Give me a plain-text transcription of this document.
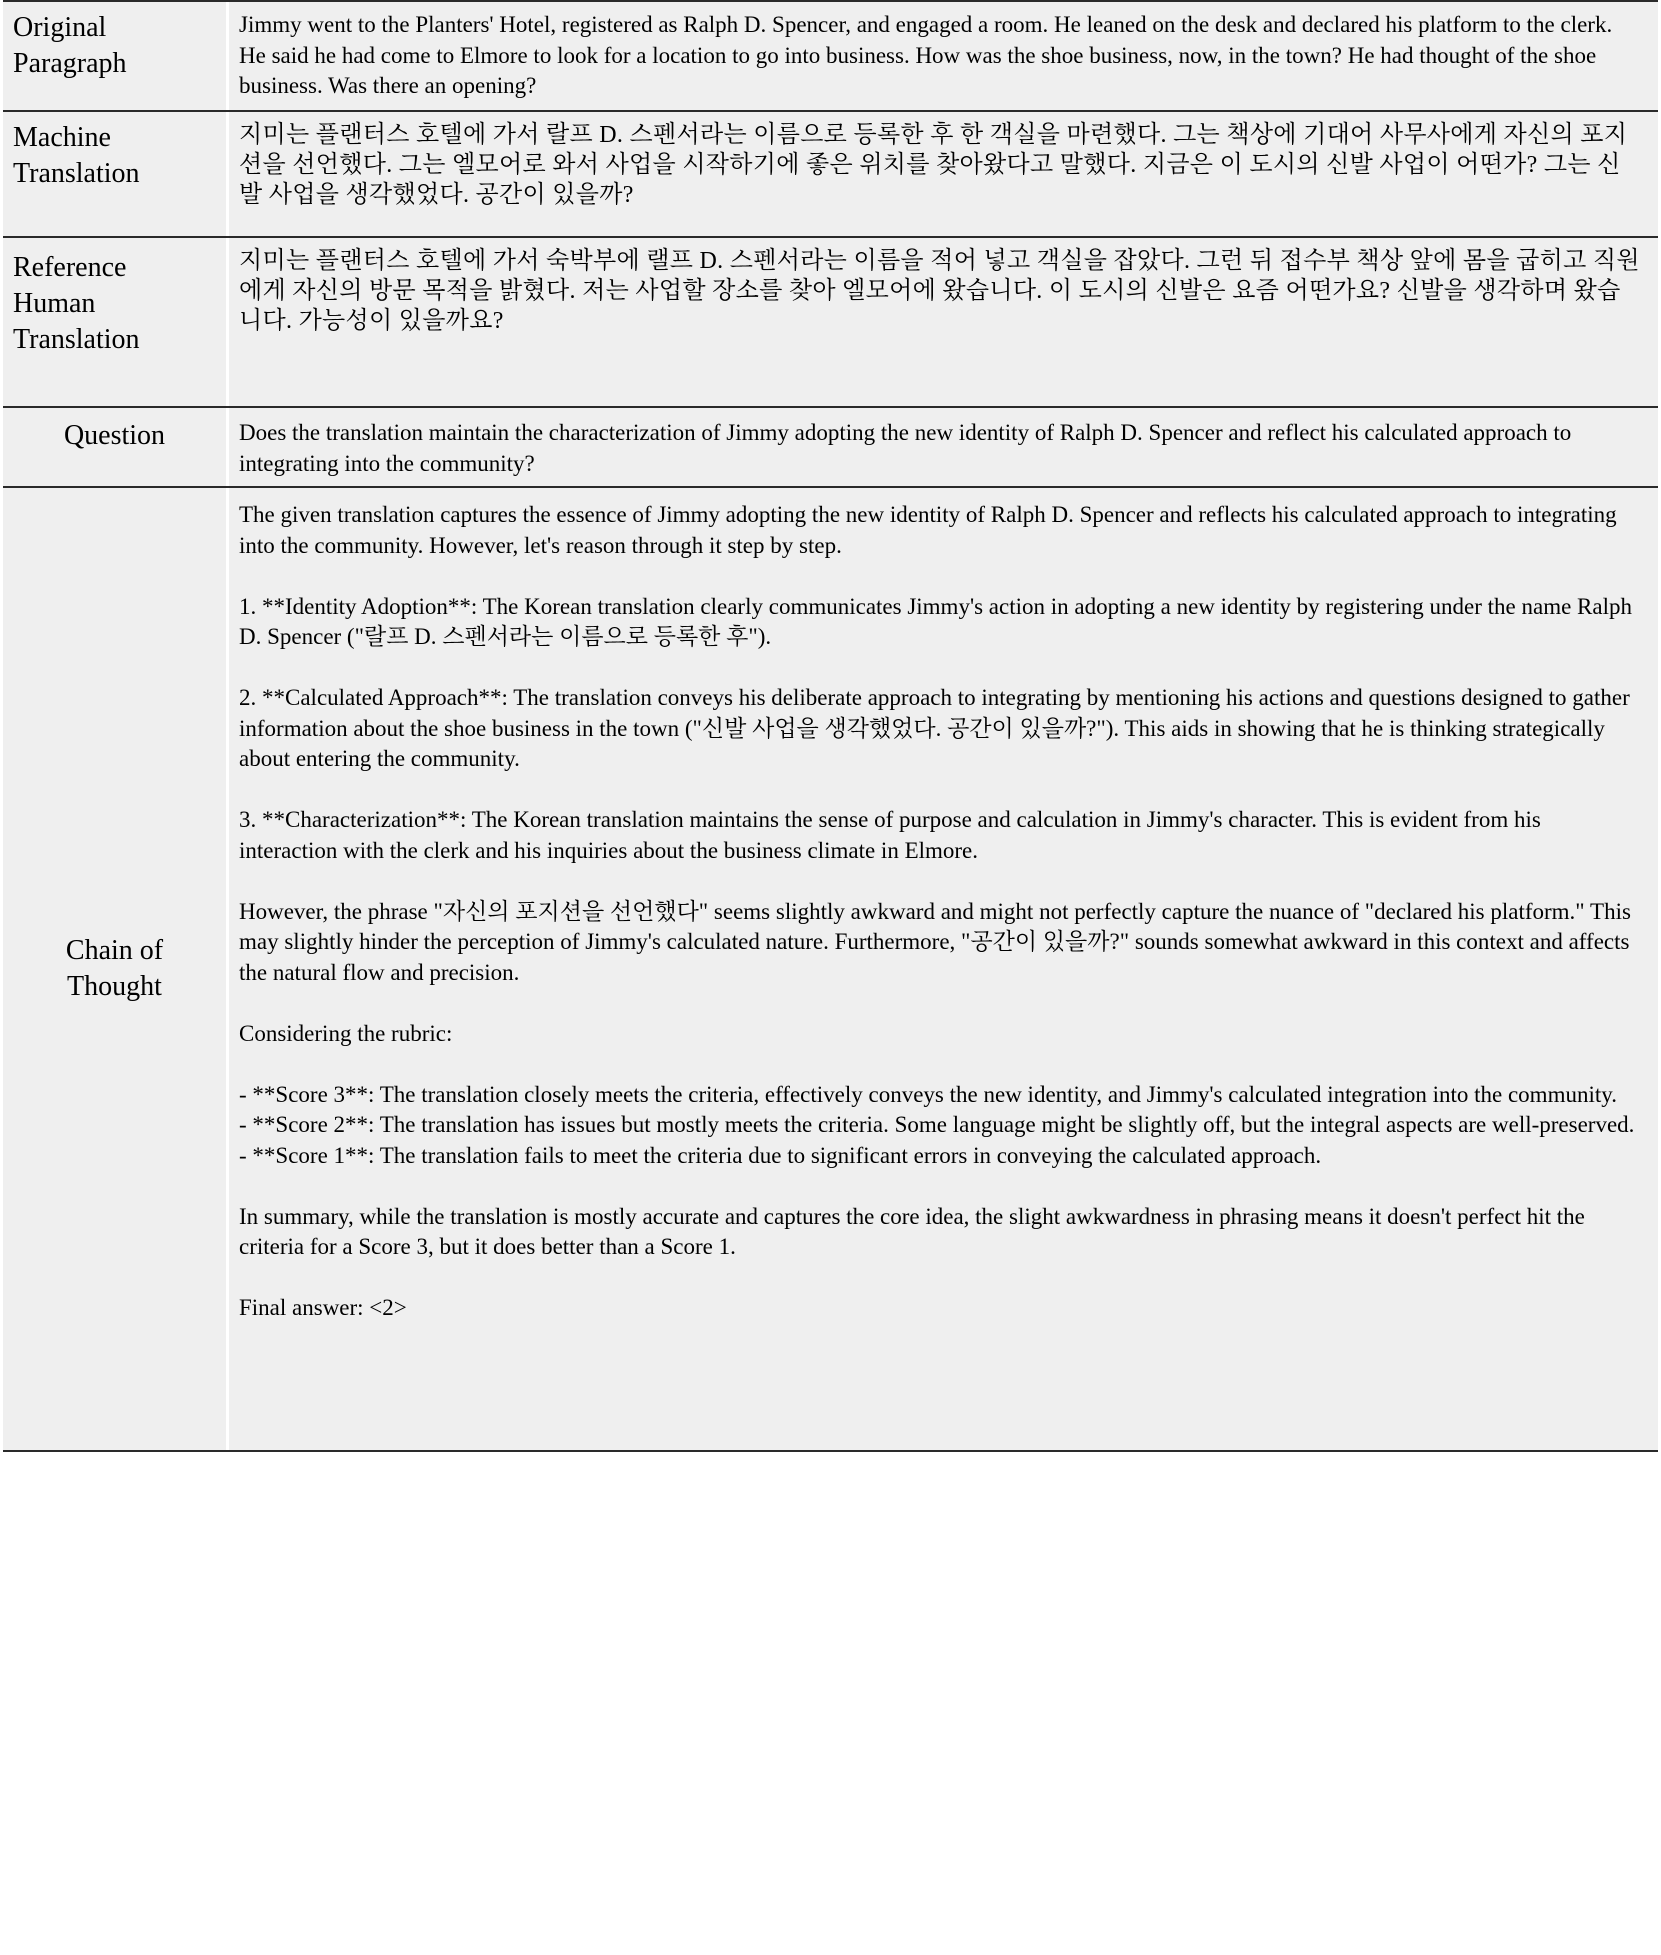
Original
Paragraph
Jimmy went to the Planters' Hotel, registered as Ralph D. Spencer, and engaged a room. He leaned on the desk and declared his platform to the clerk. He said he had come to Elmore to look for a location to go into business. How was the shoe business, now, in the town? He had thought of the shoe business. Was there an opening?
Machine
Translation
지미는 플랜터스 호텔에 가서 랄프 D. 스펜서라는 이름으로 등록한 후 한 객실을 마련했다. 그는 책상에 기대어 사무사에게 자신의 포지션을 선언했다. 그는 엘모어로 와서 사업을 시작하기에 좋은 위치를 찾아왔다고 말했다. 지금은 이 도시의 신발 사업이 어떤가? 그는 신발 사업을 생각했었다. 공간이 있을까?
Reference
Human
Translation
지미는 플랜터스 호텔에 가서 숙박부에 랠프 D. 스펜서라는 이름을 적어 넣고 객실을 잡았다. 그런 뒤 접수부 책상 앞에 몸을 굽히고 직원에게 자신의 방문 목적을 밝혔다. 저는 사업할 장소를 찾아 엘모어에 왔습니다. 이 도시의 신발은 요즘 어떤가요? 신발을 생각하며 왔습니다. 가능성이 있을까요?
Question	Does the translation maintain the characterization of Jimmy adopting the new identity of Ralph D. Spencer and reflect his calculated approach to integrating into the community?
Chain of
Thought

The given translation captures the essence of Jimmy adopting the new identity of Ralph D. Spencer and reflects his calculated approach to integrating into the community. However, let's reason through it step by step.

1. **Identity Adoption**: The Korean translation clearly communicates Jimmy's action in adopting a new identity by registering under the name Ralph D. Spencer ("랄프 D. 스펜서라는 이름으로 등록한 후").

2. **Calculated Approach**: The translation conveys his deliberate approach to integrating by mentioning his actions and questions designed to gather information about the shoe business in the town ("신발 사업을 생각했었다. 공간이 있을까?"). This aids in showing that he is thinking strategically about entering the community.

3. **Characterization**: The Korean translation maintains the sense of purpose and calculation in Jimmy's character. This is evident from his interaction with the clerk and his inquiries about the business climate in Elmore.

However, the phrase "자신의 포지션을 선언했다" seems slightly awkward and might not perfectly capture the nuance of "declared his platform." This may slightly hinder the perception of Jimmy's calculated nature. Furthermore, "공간이 있을까?" sounds somewhat awkward in this context and affects the natural flow and precision.

Considering the rubric:

- **Score 3**: The translation closely meets the criteria, effectively conveys the new identity, and Jimmy's calculated integration into the community.
- **Score 2**: The translation has issues but mostly meets the criteria. Some language might be slightly off, but the integral aspects are well-preserved.
- **Score 1**: The translation fails to meet the criteria due to significant errors in conveying the calculated approach.

In summary, while the translation is mostly accurate and captures the core idea, the slight awkwardness in phrasing means it doesn't perfect hit the criteria for a Score 3, but it does better than a Score 1.

Final answer: <2>
